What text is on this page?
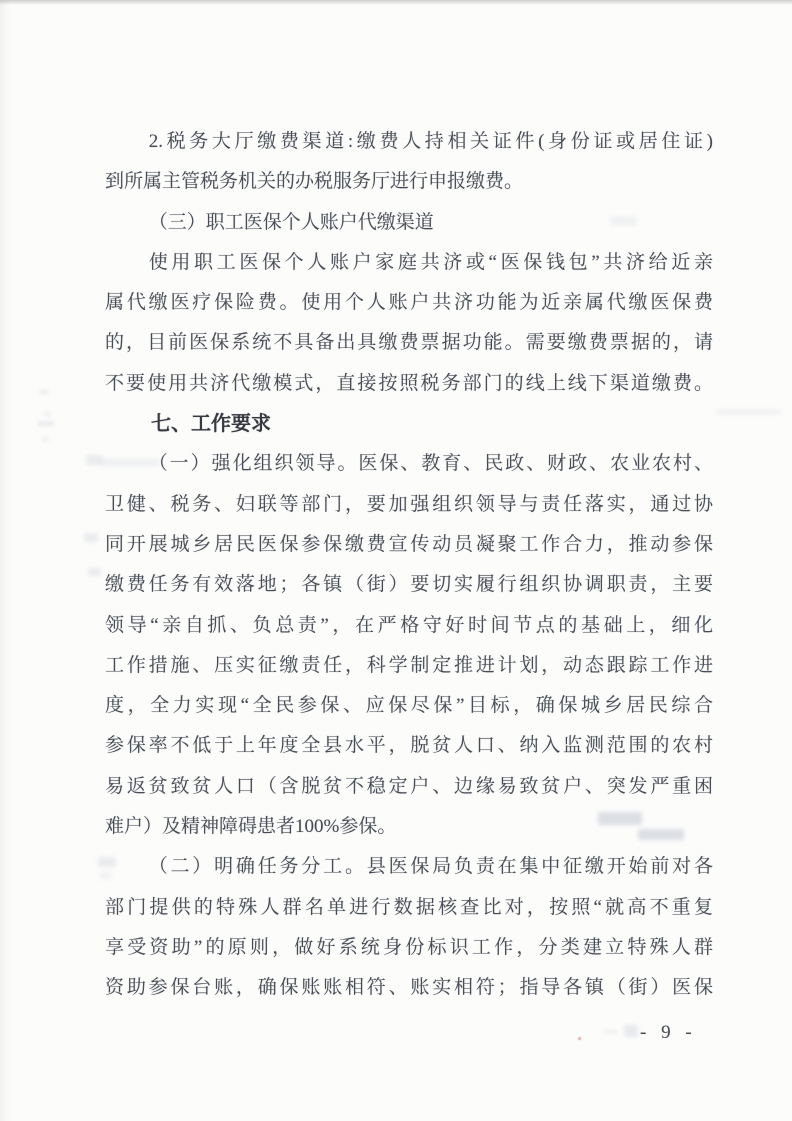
2.税务大厅缴费渠道:缴费人持相关证件(身份证或居住证)
到所属主管税务机关的办税服务厅进行申报缴费。
（三）职工医保个人账户代缴渠道
使用职工医保个人账户家庭共济或“医保钱包”共济给近亲
属代缴医疗保险费。使用个人账户共济功能为近亲属代缴医保费
的，目前医保系统不具备出具缴费票据功能。需要缴费票据的，请
不要使用共济代缴模式，直接按照税务部门的线上线下渠道缴费。
七、工作要求
（一）强化组织领导。医保、教育、民政、财政、农业农村、
卫健、税务、妇联等部门，要加强组织领导与责任落实，通过协
同开展城乡居民医保参保缴费宣传动员凝聚工作合力，推动参保
缴费任务有效落地；各镇（街）要切实履行组织协调职责，主要
领导“亲自抓、负总责”，在严格守好时间节点的基础上，细化
工作措施、压实征缴责任，科学制定推进计划，动态跟踪工作进
度，全力实现“全民参保、应保尽保”目标，确保城乡居民综合
参保率不低于上年度全县水平，脱贫人口、纳入监测范围的农村
易返贫致贫人口（含脱贫不稳定户、边缘易致贫户、突发严重困
难户）及精神障碍患者100%参保。
（二）明确任务分工。县医保局负责在集中征缴开始前对各
部门提供的特殊人群名单进行数据核查比对，按照“就高不重复
享受资助”的原则，做好系统身份标识工作，分类建立特殊人群
资助参保台账，确保账账相符、账实相符；指导各镇（街）医保
- 9 -
